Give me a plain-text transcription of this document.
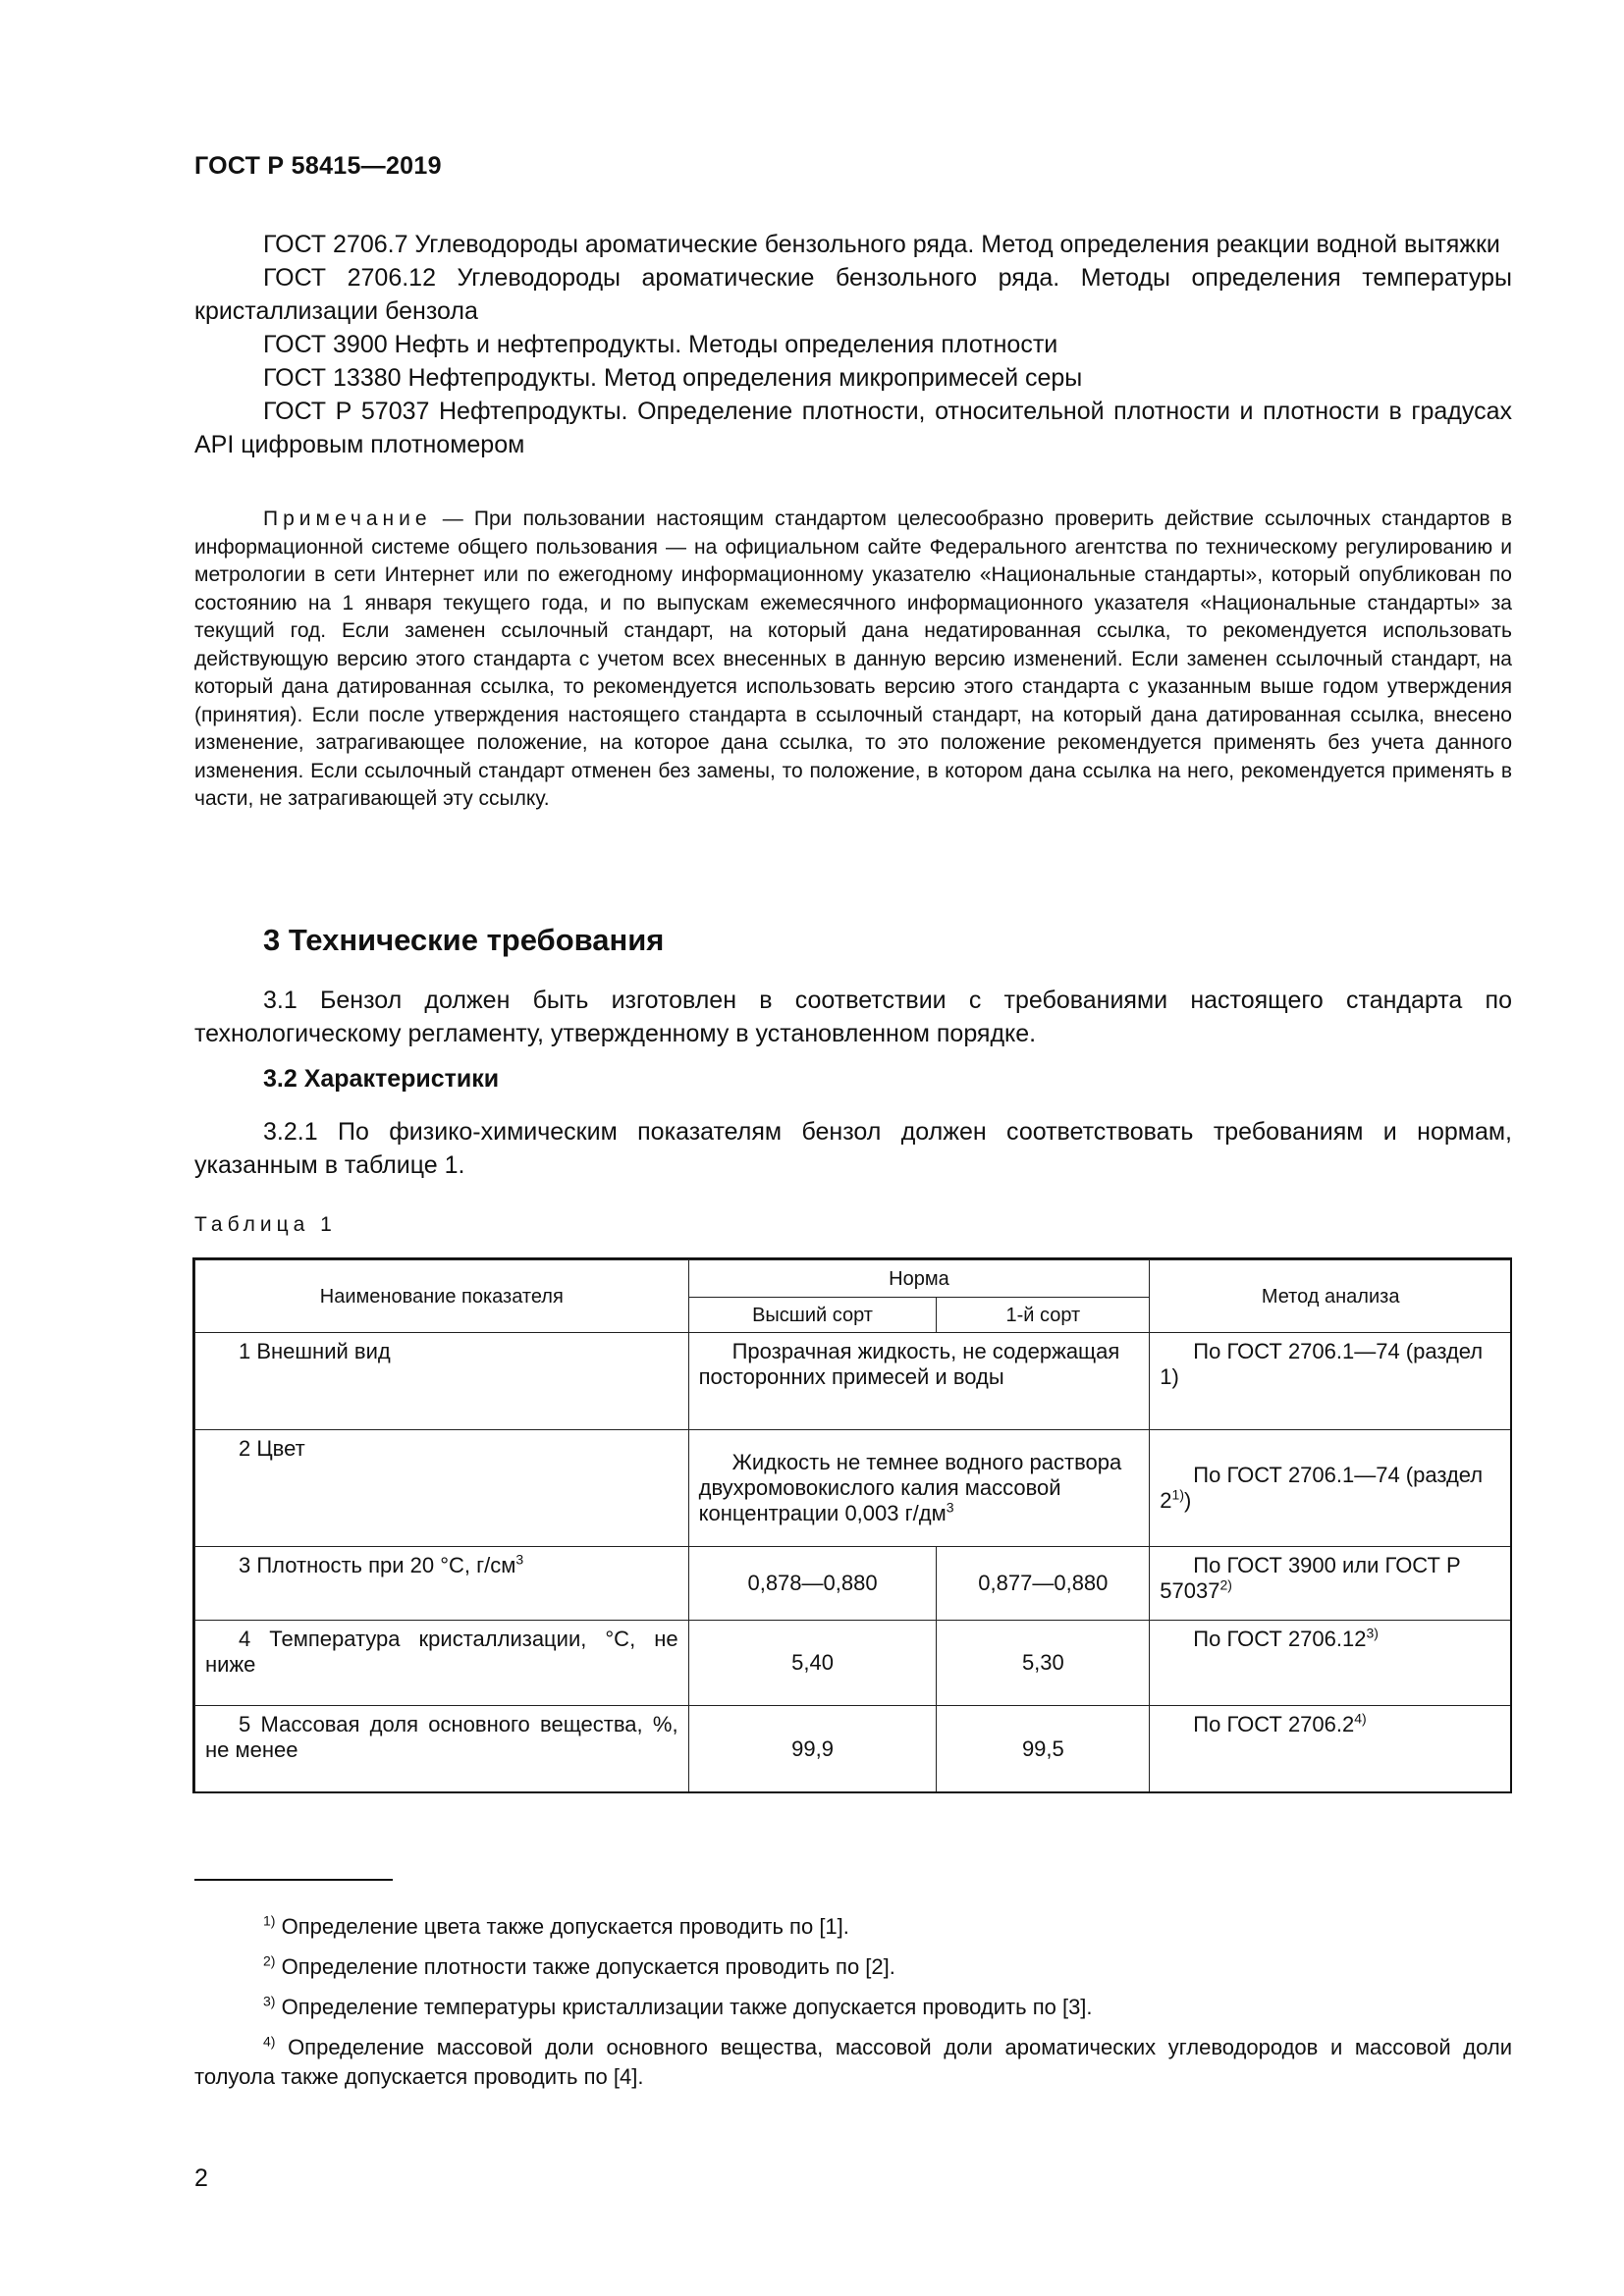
ГОСТ Р 58415—2019

ГОСТ 2706.7 Углеводороды ароматические бензольного ряда. Метод определения реакции водной вытяжки

ГОСТ 2706.12 Углеводороды ароматические бензольного ряда. Методы определения температуры кристаллизации бензола

ГОСТ 3900 Нефть и нефтепродукты. Методы определения плотности

ГОСТ 13380 Нефтепродукты. Метод определения микропримесей серы

ГОСТ Р 57037 Нефтепродукты. Определение плотности, относительной плотности и плотности в градусах API цифровым плотномером

Примечание — При пользовании настоящим стандартом целесообразно проверить действие ссылочных стандартов в информационной системе общего пользования — на официальном сайте Федерального агентства по техническому регулированию и метрологии в сети Интернет или по ежегодному информационному указателю «Национальные стандарты», который опубликован по состоянию на 1 января текущего года, и по выпускам ежемесячного информационного указателя «Национальные стандарты» за текущий год. Если заменен ссылочный стандарт, на который дана недатированная ссылка, то рекомендуется использовать действующую версию этого стандарта с учетом всех внесенных в данную версию изменений. Если заменен ссылочный стандарт, на который дана датированная ссылка, то рекомендуется использовать версию этого стандарта с указанным выше годом утверждения (принятия). Если после утверждения настоящего стандарта в ссылочный стандарт, на который дана датированная ссылка, внесено изменение, затрагивающее положение, на которое дана ссылка, то это положение рекомендуется применять без учета данного изменения. Если ссылочный стандарт отменен без замены, то положение, в котором дана ссылка на него, рекомендуется применять в части, не затрагивающей эту ссылку.
3 Технические требования
3.1 Бензол должен быть изготовлен в соответствии с требованиями настоящего стандарта по технологическому регламенту, утвержденному в установленном порядке.
3.2 Характеристики
3.2.1 По физико-химическим показателям бензол должен соответствовать требованиям и нормам, указанным в таблице 1.
Таблица 1
Наименование показателя	Норма		Метод анализа
	Высший сорт	1-й сорт	
1 Внешний вид	Прозрачная жидкость, не содержащая посторонних примесей и воды		По ГОСТ 2706.1—74 (раздел 1)
2 Цвет	Жидкость не темнее водного раствора двухромовокислого калия массовой концентрации 0,003 $г/дм^3$		По ГОСТ 2706.1—74 (раздел 2$^{1)}$)
3 Плотность при 20 °С, $г/см^3$	0,878—0,880	0,877—0,880	По ГОСТ 3900 или ГОСТ Р 57037$^{2)}$
4 Температура кристаллизации, °С, не ниже	5,40	5,30	По ГОСТ 2706.12$^{3)}$
5 Массовая доля основного вещества, %, не менее	99,9	99,5	По ГОСТ 2706.2$^{4)}$
$^{1)}$ Определение цвета также допускается проводить по [1].
$^{2)}$ Определение плотности также допускается проводить по [2].
$^{3)}$ Определение температуры кристаллизации также допускается проводить по [3].
$^{4)}$ Определение массовой доли основного вещества, массовой доли ароматических углеводородов и массовой доли толуола также допускается проводить по [4].
2
